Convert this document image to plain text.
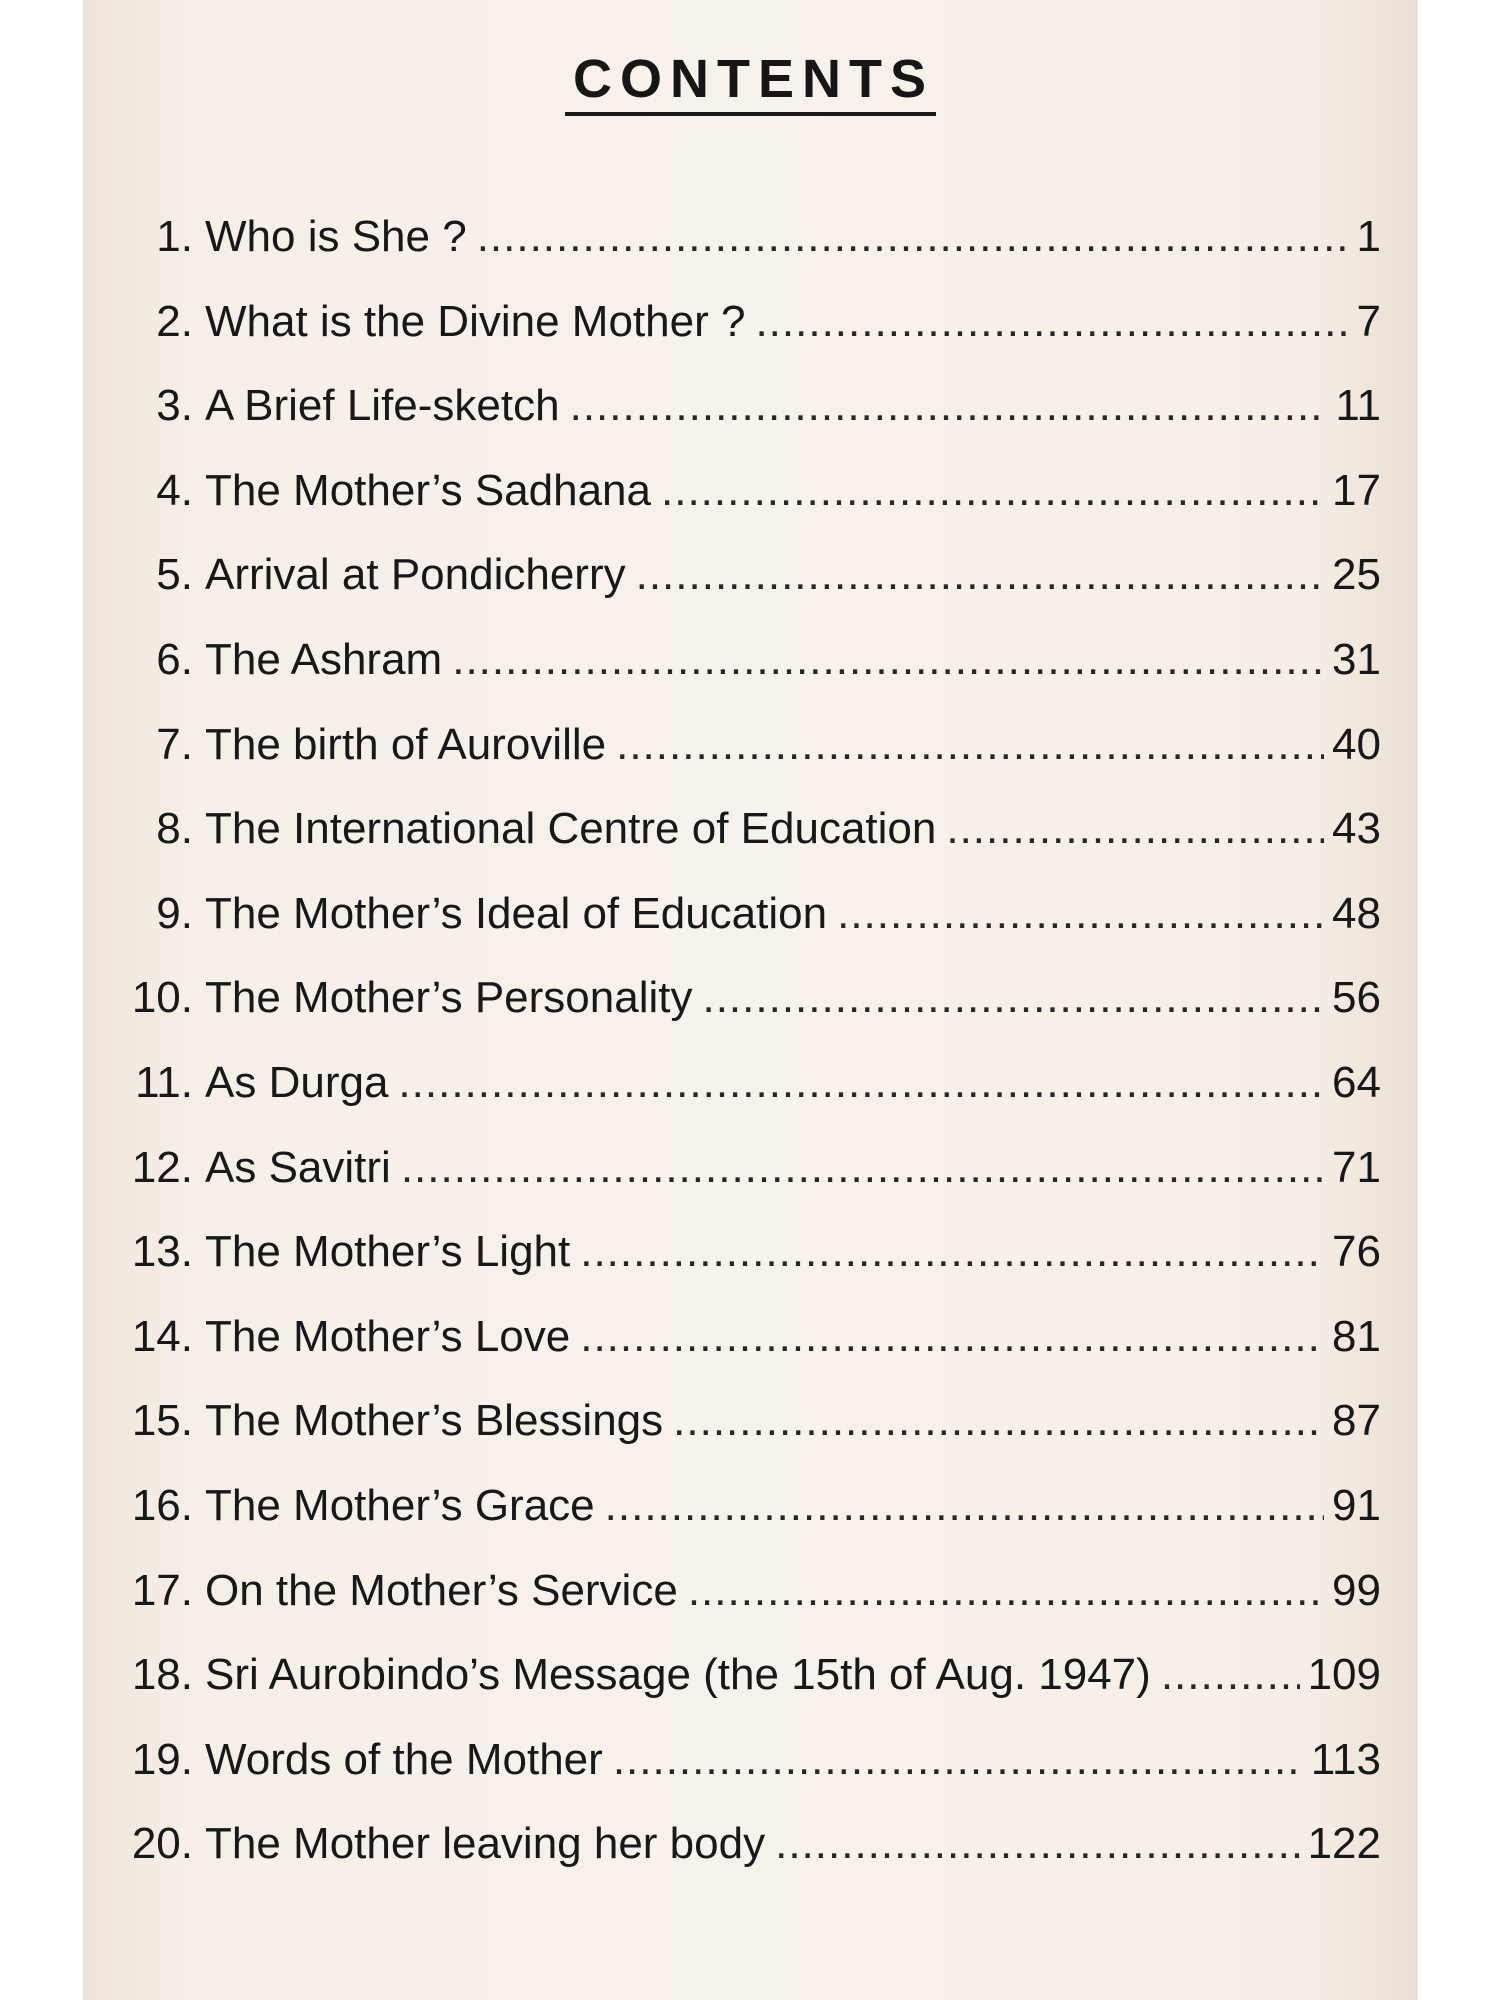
CONTENTS
1. Who is She ? .....	1
2. What is the Divine Mother ? .....	7
3. A Brief Life-sketch .....	11
4. The Mother’s Sadhana .....	17
5. Arrival at Pondicherry .....	25
6. The Ashram .....	31
7. The birth of Auroville .....	40
8. The International Centre of Education .....	43
9. The Mother’s Ideal of Education .....	48
10. The Mother’s Personality .....	56
11. As Durga .....	64
12. As Savitri .....	71
13. The Mother’s Light .....	76
14. The Mother’s Love .....	81
15. The Mother’s Blessings .....	87
16. The Mother’s Grace .....	91
17. On the Mother’s Service .....	99
18. Sri Aurobindo’s Message (the 15th of Aug. 1947) .....	109
19. Words of the Mother .....	113
20. The Mother leaving her body .....	122
